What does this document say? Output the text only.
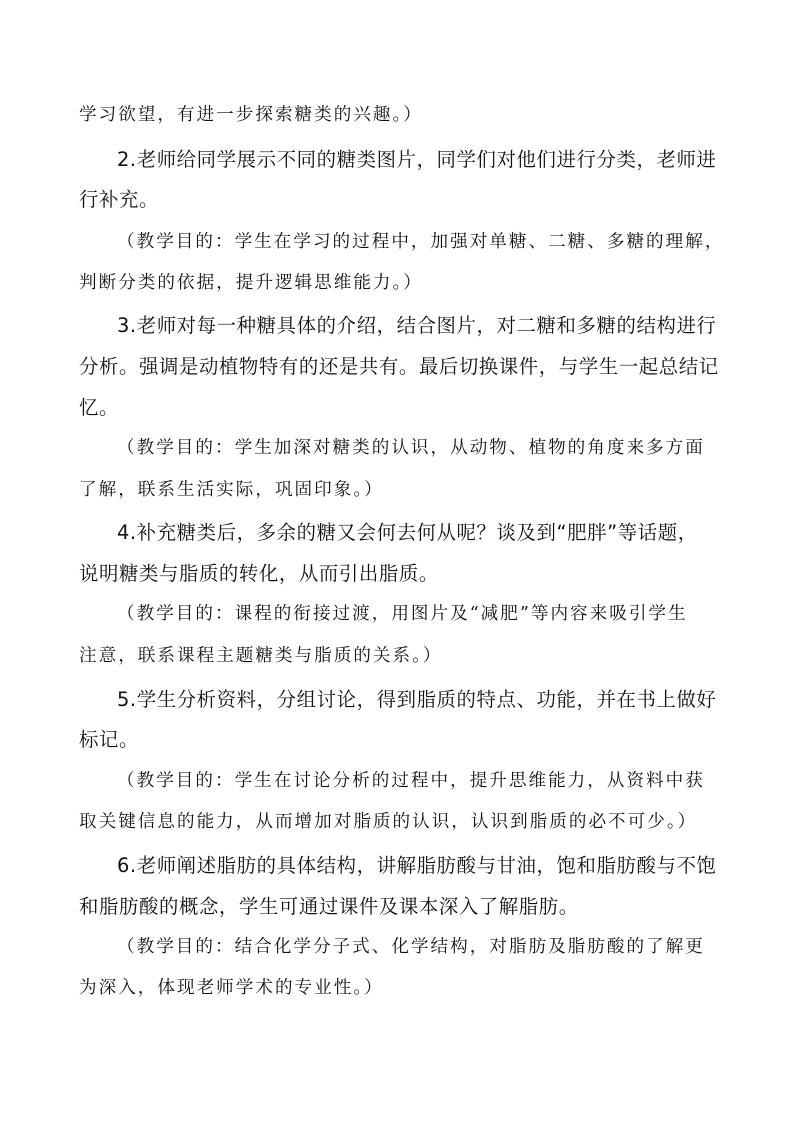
学习欲望，有进一步探索糖类的兴趣。）

2.老师给同学展示不同的糖类图片，同学们对他们进行分类，老师进

行补充。

（教学目的：学生在学习的过程中，加强对单糖、二糖、多糖的理解，

判断分类的依据，提升逻辑思维能力。）

3.老师对每一种糖具体的介绍，结合图片，对二糖和多糖的结构进行

分析。强调是动植物特有的还是共有。最后切换课件，与学生一起总结记

忆。

（教学目的：学生加深对糖类的认识，从动物、植物的角度来多方面

了解，联系生活实际，巩固印象。）

4.补充糖类后，多余的糖又会何去何从呢？谈及到“肥胖”等话题，

说明糖类与脂质的转化，从而引出脂质。

（教学目的：课程的衔接过渡，用图片及“减肥”等内容来吸引学生

注意，联系课程主题糖类与脂质的关系。）

5.学生分析资料，分组讨论，得到脂质的特点、功能，并在书上做好

标记。

（教学目的：学生在讨论分析的过程中，提升思维能力，从资料中获

取关键信息的能力，从而增加对脂质的认识，认识到脂质的必不可少。）

6.老师阐述脂肪的具体结构，讲解脂肪酸与甘油，饱和脂肪酸与不饱

和脂肪酸的概念，学生可通过课件及课本深入了解脂肪。

（教学目的：结合化学分子式、化学结构，对脂肪及脂肪酸的了解更

为深入，体现老师学术的专业性。）
